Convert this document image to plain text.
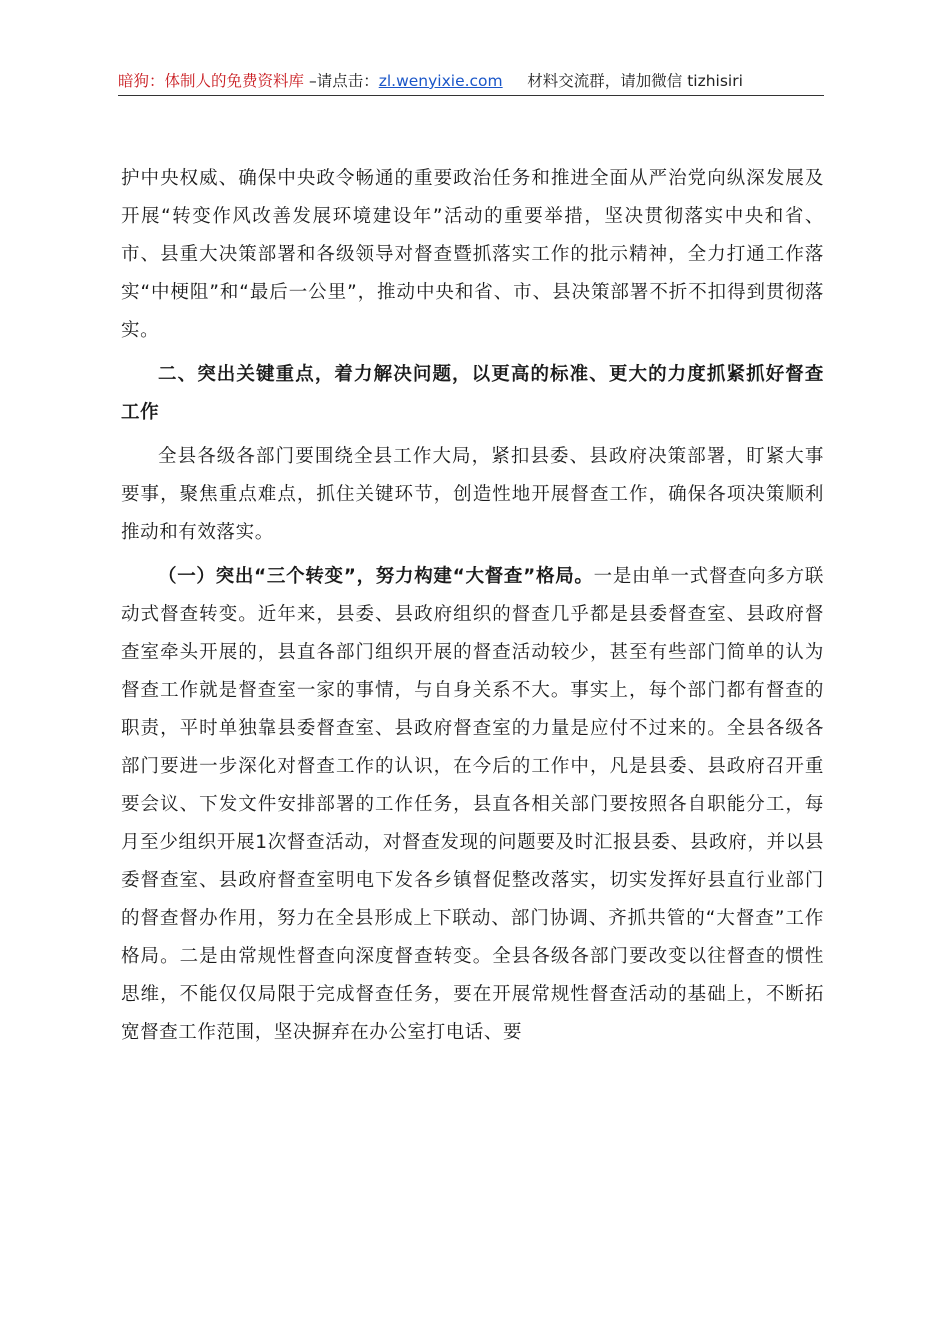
暗狗：体制人的免费资料库 –请点击：zl.wenyixie.com 材料交流群，请加微信 tizhisiri

护中央权威、确保中央政令畅通的重要政治任务和推进全面从严治党向纵深发展及开展“转变作风改善发展环境建设年”活动的重要举措，坚决贯彻落实中央和省、市、县重大决策部署和各级领导对督查暨抓落实工作的批示精神，全力打通工作落实“中梗阻”和“最后一公里”，推动中央和省、市、县决策部署不折不扣得到贯彻落实。

二、突出关键重点，着力解决问题，以更高的标准、更大的力度抓紧抓好督查工作

全县各级各部门要围绕全县工作大局，紧扣县委、县政府决策部署，盯紧大事要事，聚焦重点难点，抓住关键环节，创造性地开展督查工作，确保各项决策顺利推动和有效落实。

（一）突出“三个转变”，努力构建“大督查”格局。一是由单一式督查向多方联动式督查转变。近年来，县委、县政府组织的督查几乎都是县委督查室、县政府督查室牵头开展的，县直各部门组织开展的督查活动较少，甚至有些部门简单的认为督查工作就是督查室一家的事情，与自身关系不大。事实上，每个部门都有督查的职责，平时单独靠县委督查室、县政府督查室的力量是应付不过来的。全县各级各部门要进一步深化对督查工作的认识，在今后的工作中，凡是县委、县政府召开重要会议、下发文件安排部署的工作任务，县直各相关部门要按照各自职能分工，每月至少组织开展1次督查活动，对督查发现的问题要及时汇报县委、县政府，并以县委督查室、县政府督查室明电下发各乡镇督促整改落实，切实发挥好县直行业部门的督查督办作用，努力在全县形成上下联动、部门协调、齐抓共管的“大督查”工作格局。二是由常规性督查向深度督查转变。全县各级各部门要改变以往督查的惯性思维，不能仅仅局限于完成督查任务，要在开展常规性督查活动的基础上，不断拓宽督查工作范围，坚决摒弃在办公室打电话、要
